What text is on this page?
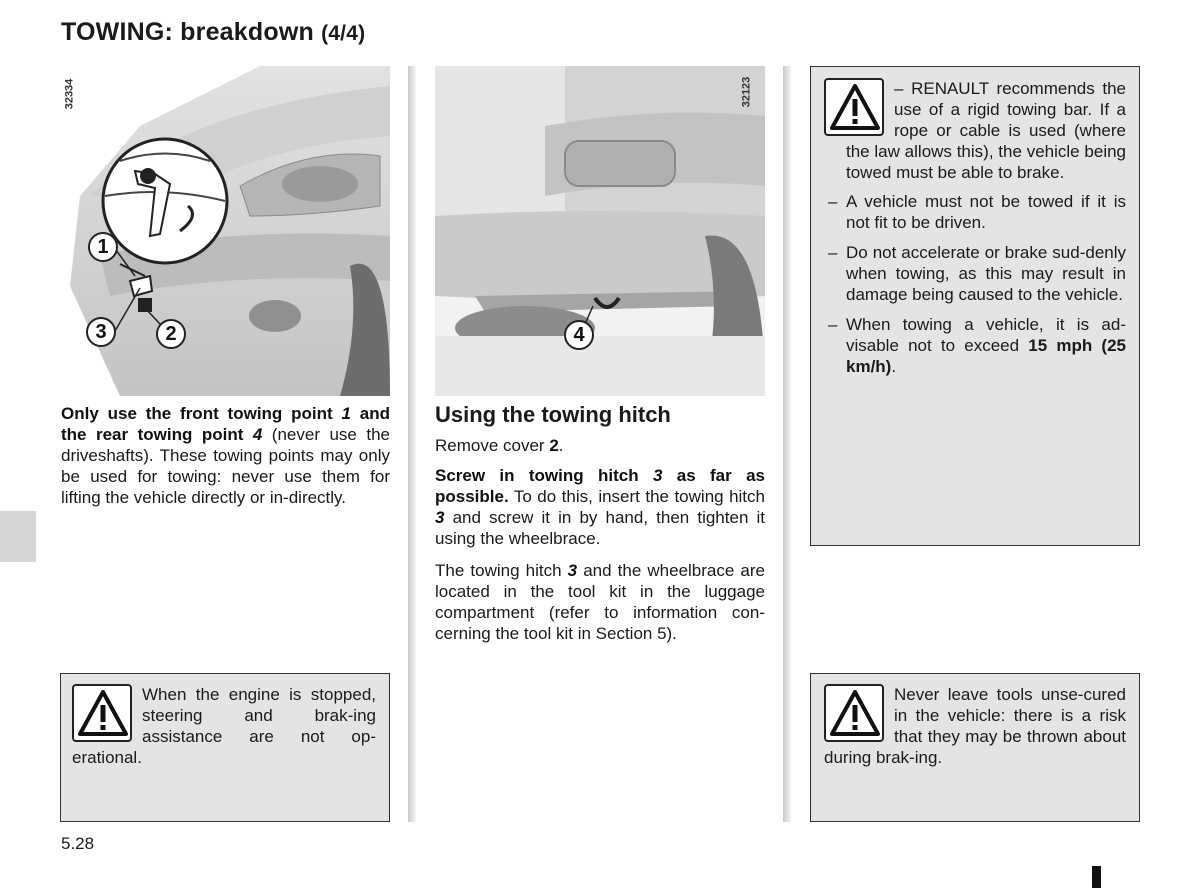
TOWING: breakdown (4/4)
32334
1
2
3
32123
4
Only use the front towing point 1 and the rear towing point 4 (never use the driveshafts). These towing points may only be used for towing: never use them for lifting the vehicle directly or in-directly.
When the engine is stopped, steering and brak-ing assistance are not op-erational.
Using the towing hitch
Remove cover 2.
Screw in towing hitch 3 as far as possible. To do this, insert the towing hitch 3 and screw it in by hand, then tighten it using the wheelbrace.
The towing hitch 3 and the wheelbrace are located in the tool kit in the luggage compartment (refer to information con-cerning the tool kit in Section 5).
– RENAULT recommends the use of a rigid towing bar. If a rope or cable is used (where the law allows this), the vehicle being towed must be able to brake.
– A vehicle must not be towed if it is not fit to be driven.
– Do not accelerate or brake sud-denly when towing, as this may result in damage being caused to the vehicle.
– When towing a vehicle, it is ad-visable not to exceed 15 mph (25 km/h).
Never leave tools unse-cured in the vehicle: there is a risk that they may be thrown about during brak-ing.
5.28
